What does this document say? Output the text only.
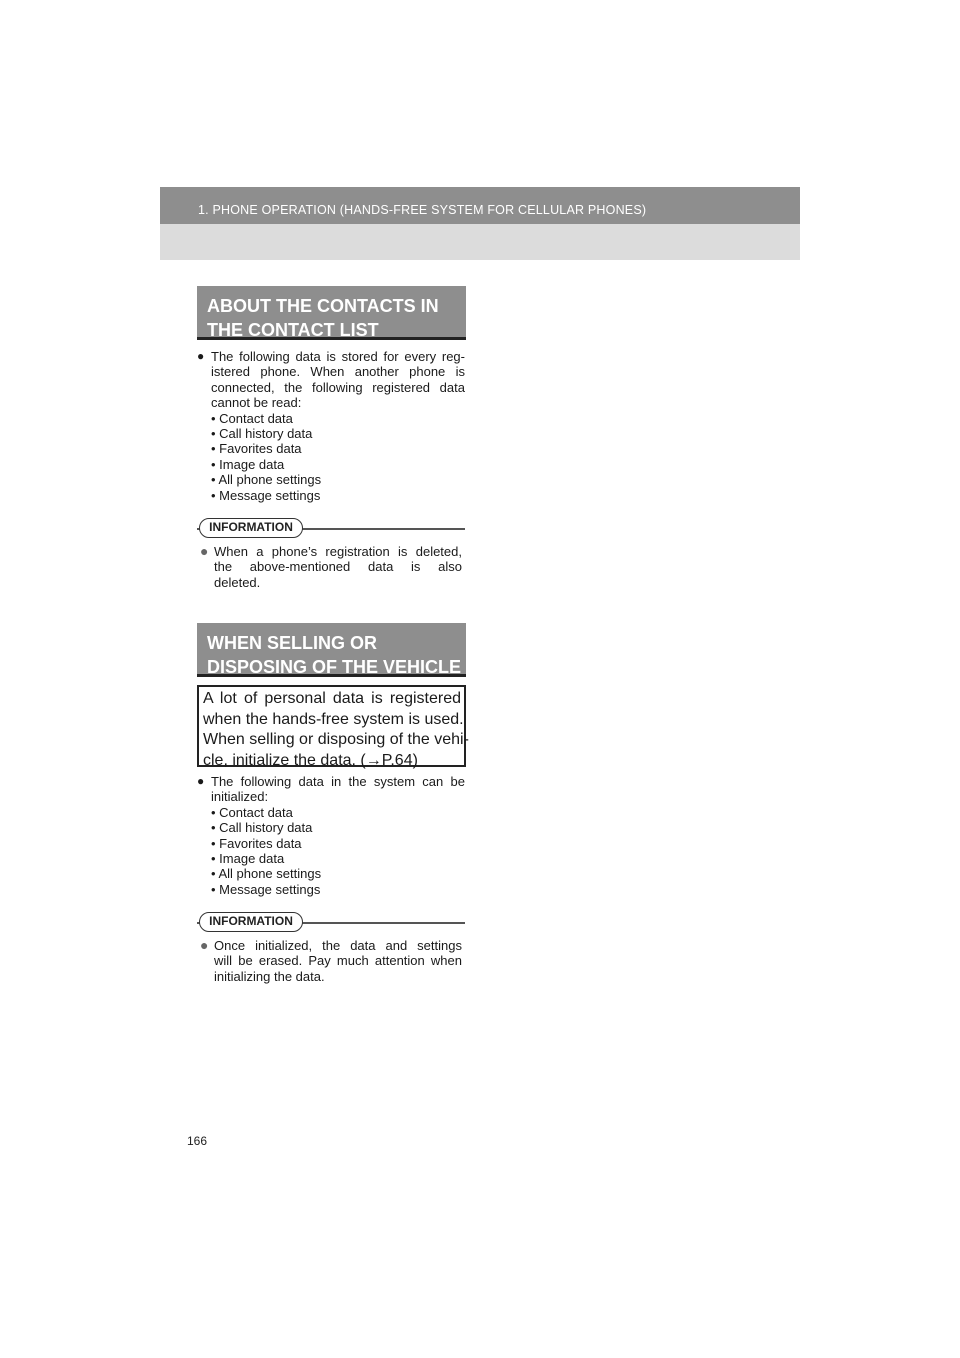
1. PHONE OPERATION (HANDS-FREE SYSTEM FOR CELLULAR PHONES)
ABOUT THE CONTACTS IN
THE CONTACT LIST
● The following data is stored for every reg-
istered phone. When another phone is
connected, the following registered data
cannot be read:
• Contact data
• Call history data
• Favorites data
• Image data
• All phone settings
• Message settings
INFORMATION
● When a phone’s registration is deleted,
the above-mentioned data is also
deleted.
WHEN SELLING OR
DISPOSING OF THE VEHICLE
A lot of personal data is registered
when the hands-free system is used.
When selling or disposing of the vehi-
cle, initialize the data. (→P.64)
● The following data in the system can be
initialized:
• Contact data
• Call history data
• Favorites data
• Image data
• All phone settings
• Message settings
INFORMATION
● Once initialized, the data and settings
will be erased. Pay much attention when
initializing the data.
166
